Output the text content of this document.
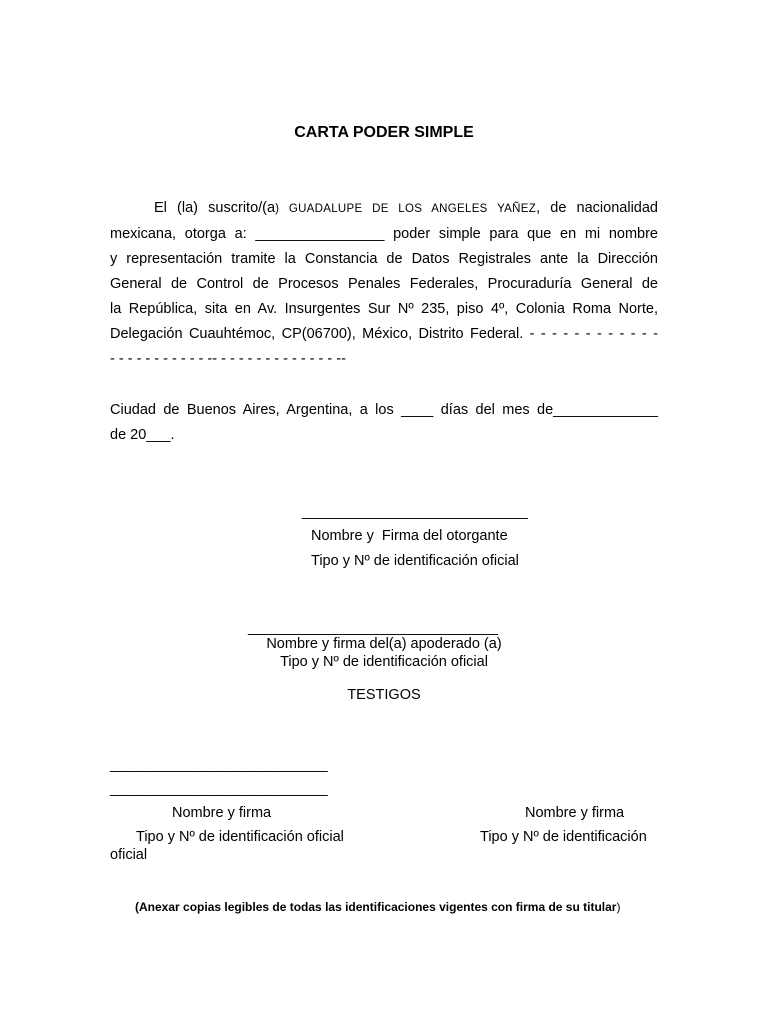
CARTA PODER SIMPLE
El (la) suscrito/(a) GUADALUPE DE LOS ANGELES YAÑEZ, de nacionalidad
mexicana, otorga a: ________________ poder simple para que en mi nombre
y representación tramite la Constancia de Datos Registrales ante la Dirección
General de Control de Procesos Penales Federales, Procuraduría General de
la República, sita en Av. Insurgentes Sur Nº 235, piso 4º, Colonia Roma Norte,
Delegación Cuauhtémoc, CP(06700), México, Distrito Federal. - - - - - - - - - - - -
- - - - - - - - - - - -- - - - - - - - - - - - - - --
Ciudad de Buenos Aires, Argentina, a los ____ días del mes de_____________
de 20___.
____________________________
Nombre y  Firma del otorgante
Tipo y Nº de identificación oficial
_______________________________
Nombre y firma del(a) apoderado (a)
Tipo y Nº de identificación oficial
TESTIGOS
___________________________
___________________________
Nombre y firma	Nombre y firma
Tipo y Nº de identificación oficial
oficial
Tipo y Nº de identificación
(Anexar copias legibles de todas las identificaciones vigentes con firma de su titular)
